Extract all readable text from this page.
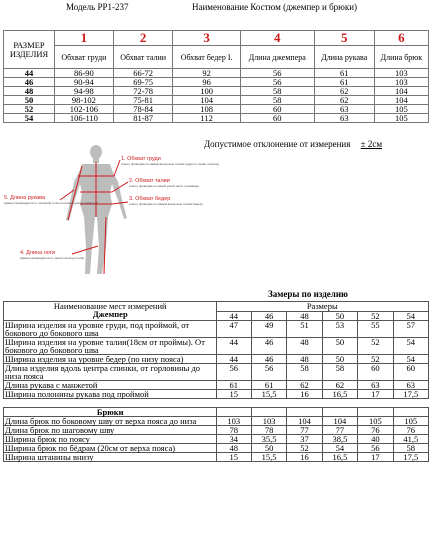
Модель PP1-237	Наименование Костюм (джемпер и брюки)
РАЗМЕР ИЗДЕЛИЯ	1	2	3	4	5	6
	Обхват груди	Обхват талии	Обхват бедер I.	Длина джемпера	Длина рукава	Длина брюк
44	86-90	66-72	92	56	61	103
46	90-94	69-75	96	56	61	103
48	94-98	72-78	100	58	62	104
50	98-102	75-81	104	58	62	104
52	102-106	78-84	108	60	63	105
54	106-110	81-87	112	60	63	105
Допустимое отклонение от измерения ± 2см
1. Обхват груди
(ленту проводим по самым выпуклым точкам груди по линии лопаток)
2. Обхват талии
(ленту проводим по самой узкой части туловища)
3. Обхват бедер
(ленту проводим по самым выпуклым точкам бедер)
5. Длина рукава
(замер производится от плечевой точки по линии руки до запястья)
4. Длина ноги
(замер производится от линии талии до пола)
Замеры по изделию
Наименование мест измерений
Джемпер	Размеры					
	44	46	48	50	52	54
Ширина изделия на уровне груди, под проймой, от бокового до бокового шва	47	49	51	53	55	57
Ширина изделия на уровне талии(18см от проймы). От бокового до бокового шва	44	46	48	50	52	54
Ширина изделия на уровне бедер (по низу пояса)	44	46	48	50	52	54
Длина изделия вдоль центра спинки, от горловины до низа пояса	56	56	58	58	60	60
Длина рукава с манжетой	61	61	62	62	63	63
Ширина полонины рукава под проймой	15	15,5	16	16,5	17	17,5

Брюки						
Длина брюк по боковому шву от верха пояса до низа	103	103	104	104	105	105
Длина брюк по шаговому шву	78	78	77	77	76	76
Ширина брюк по поясу	34	35,5	37	38,5	40	41,5
Ширина брюк по бёдрам (20см от верха пояса)	48	50	52	54	56	58
Ширина штанины внизу	15	15,5	16	16,5	17	17,5
